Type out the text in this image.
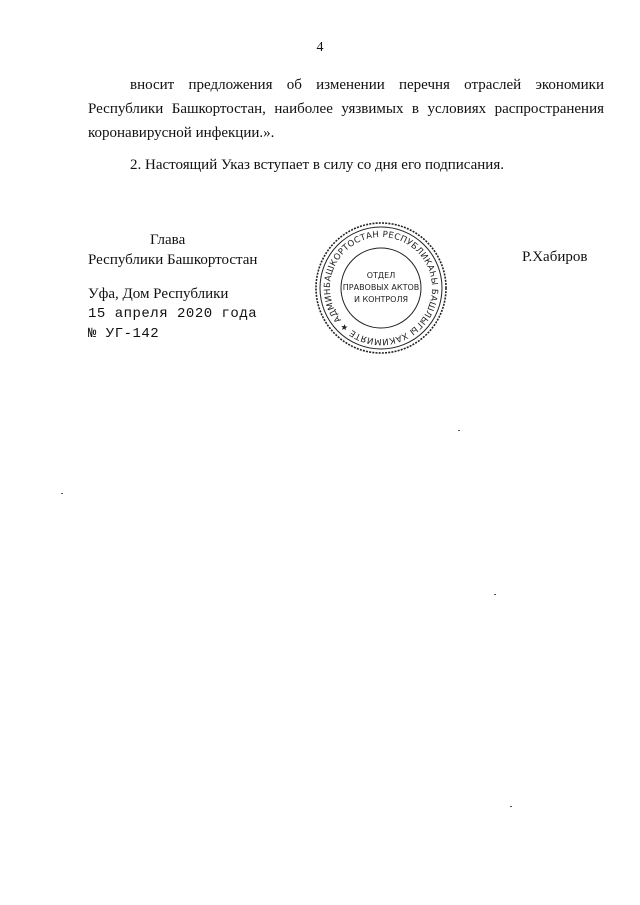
4
вносит предложения об изменении перечня отраслей экономики Республики Башкортостан, наиболее уязвимых в условиях распространения коронавирусной инфекции.».
2. Настоящий Указ вступает в силу со дня его подписания.
Глава
Республики Башкортостан	Р.Хабиров
Уфа, Дом Республики
15 апреля 2020 года
№ УГ-142
БАШКОРТОСТАН РЕСПУБЛИКАҺЫ БАШЛЫГЫ ХАКИМИЯТЕ ★ АДМИН
ОТДЕЛ
ПРАВОВЫХ АКТОВ
И КОНТРОЛЯ
